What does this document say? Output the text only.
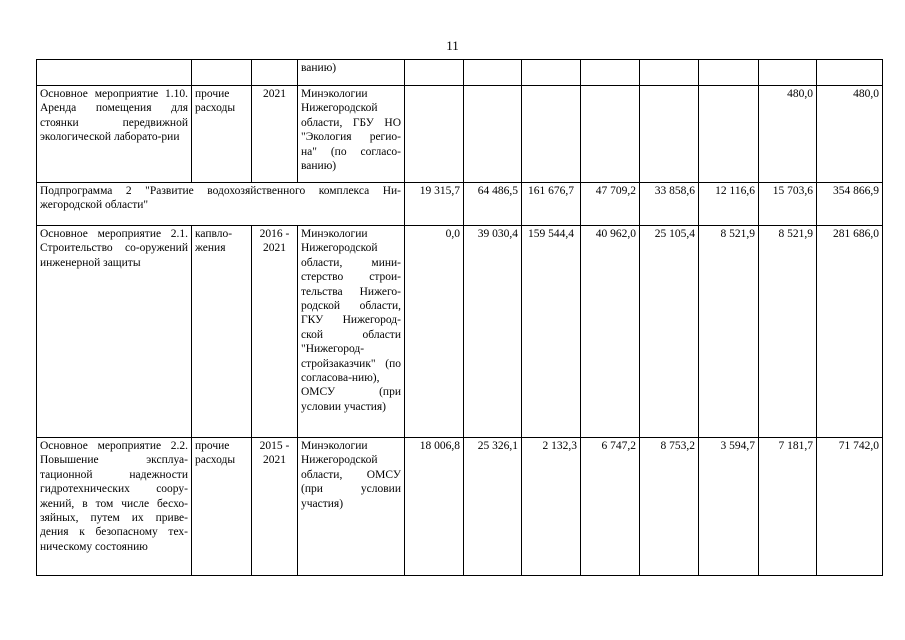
11
			ванию)								
Основное мероприятие 1.10. Аренда помещения для стоянки передвижной экологической лаборато-рии	прочие расходы	2021	Минэкологии Нижегородской области, ГБУ НО "Экология регио-на" (по согласо-ванию)							480,0	480,0
Подпрограмма 2 "Развитие водохозяйственного комплекса Ни-жегородской области"				19 315,7	64 486,5	161 676,7	47 709,2	33 858,6	12 116,6	15 703,6	354 866,9
Основное мероприятие 2.1. Строительство со-оружений инженерной защиты	капвло-жения	2016 - 2021	Минэкологии Нижегородской области, мини-стерство строи-тельства Нижего-родской области, ГКУ Нижегород-ской области "Нижегород-стройзаказчик" (по согласова-нию), ОМСУ (при условии участия)	0,0	39 030,4	159 544,4	40 962,0	25 105,4	8 521,9	8 521,9	281 686,0
Основное мероприятие 2.2. Повышение эксплуа-тационной надежности гидротехнических соору-жений, в том числе бесхо-зяйных, путем их приве-дения к безопасному тех-ническому состоянию	прочие расходы	2015 - 2021	Минэкологии Нижегородской области, ОМСУ (при условии участия)	18 006,8	25 326,1	2 132,3	6 747,2	8 753,2	3 594,7	7 181,7	71 742,0
